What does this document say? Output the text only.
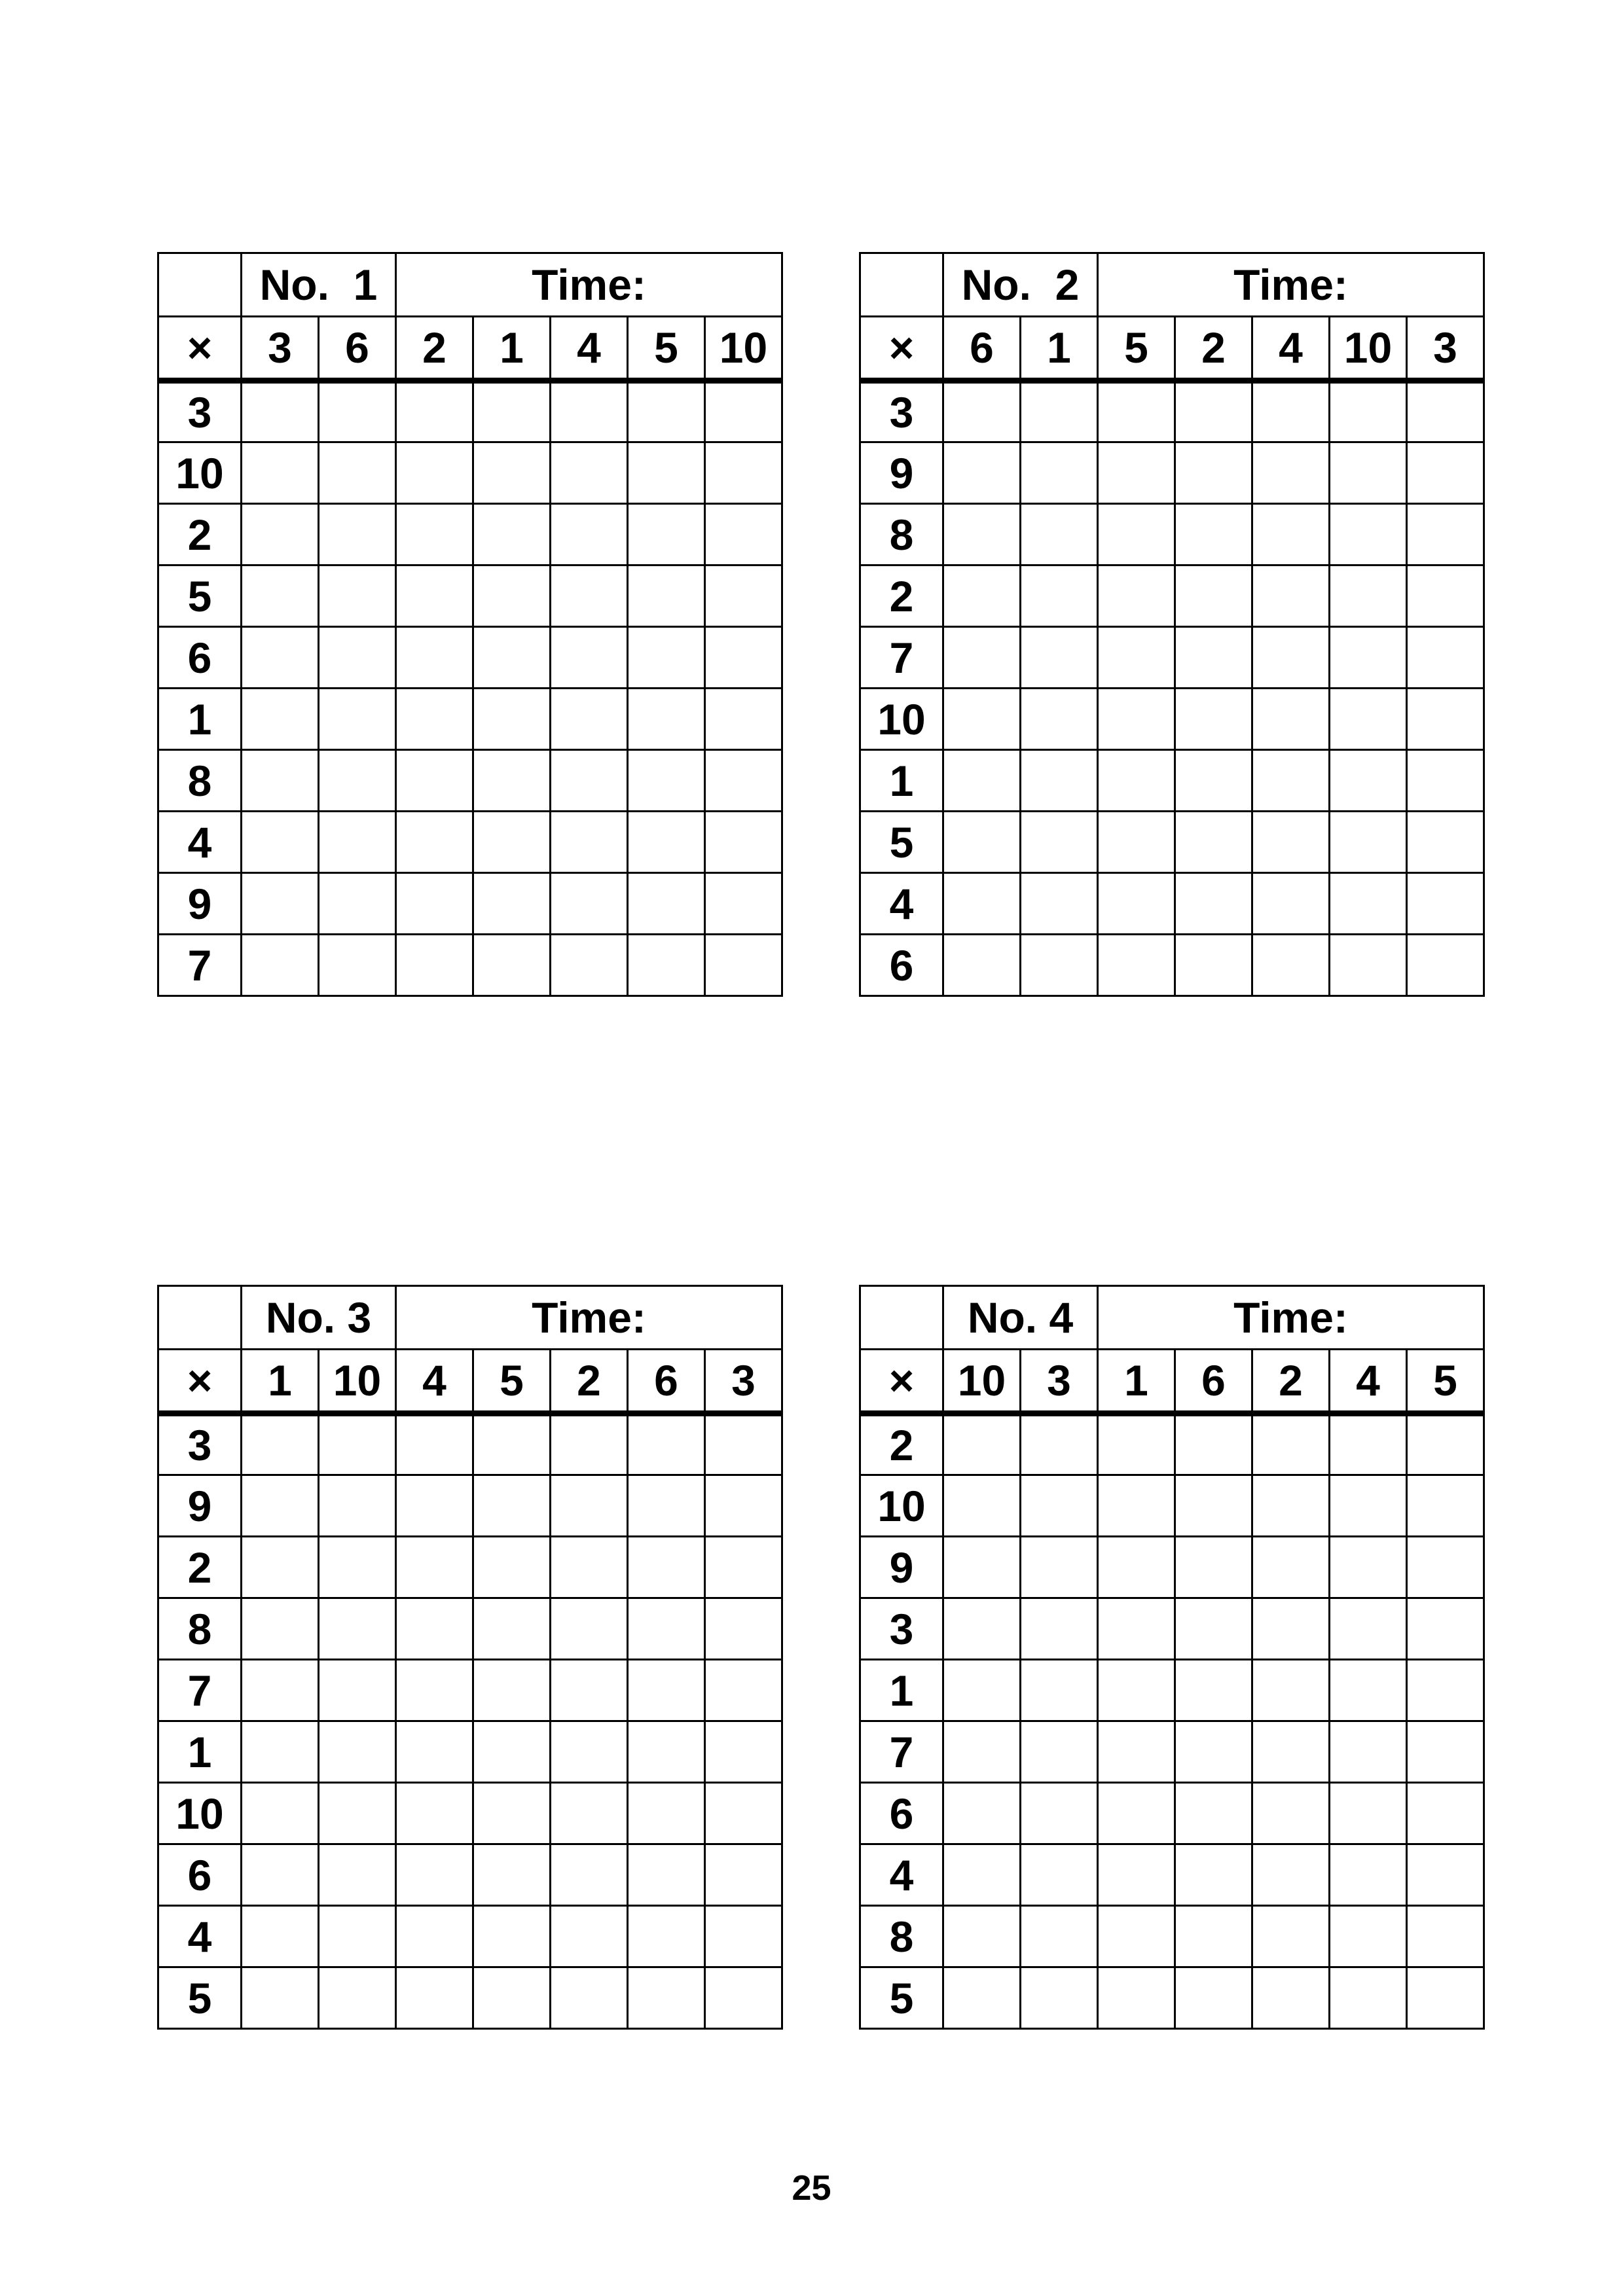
	No.  1		Time:				
×	3	6	2	1	4	5	10
3							
10							
2							
5							
6							
1							
8							
4							
9							
7							
	No.  2		Time:				
×	6	1	5	2	4	10	3
3							
9							
8							
2							
7							
10							
1							
5							
4							
6							
	No. 3		Time:				
×	1	10	4	5	2	6	3
3							
9							
2							
8							
7							
1							
10							
6							
4							
5							
	No. 4		Time:				
×	10	3	1	6	2	4	5
2							
10							
9							
3							
1							
7							
6							
4							
8							
5							
25
